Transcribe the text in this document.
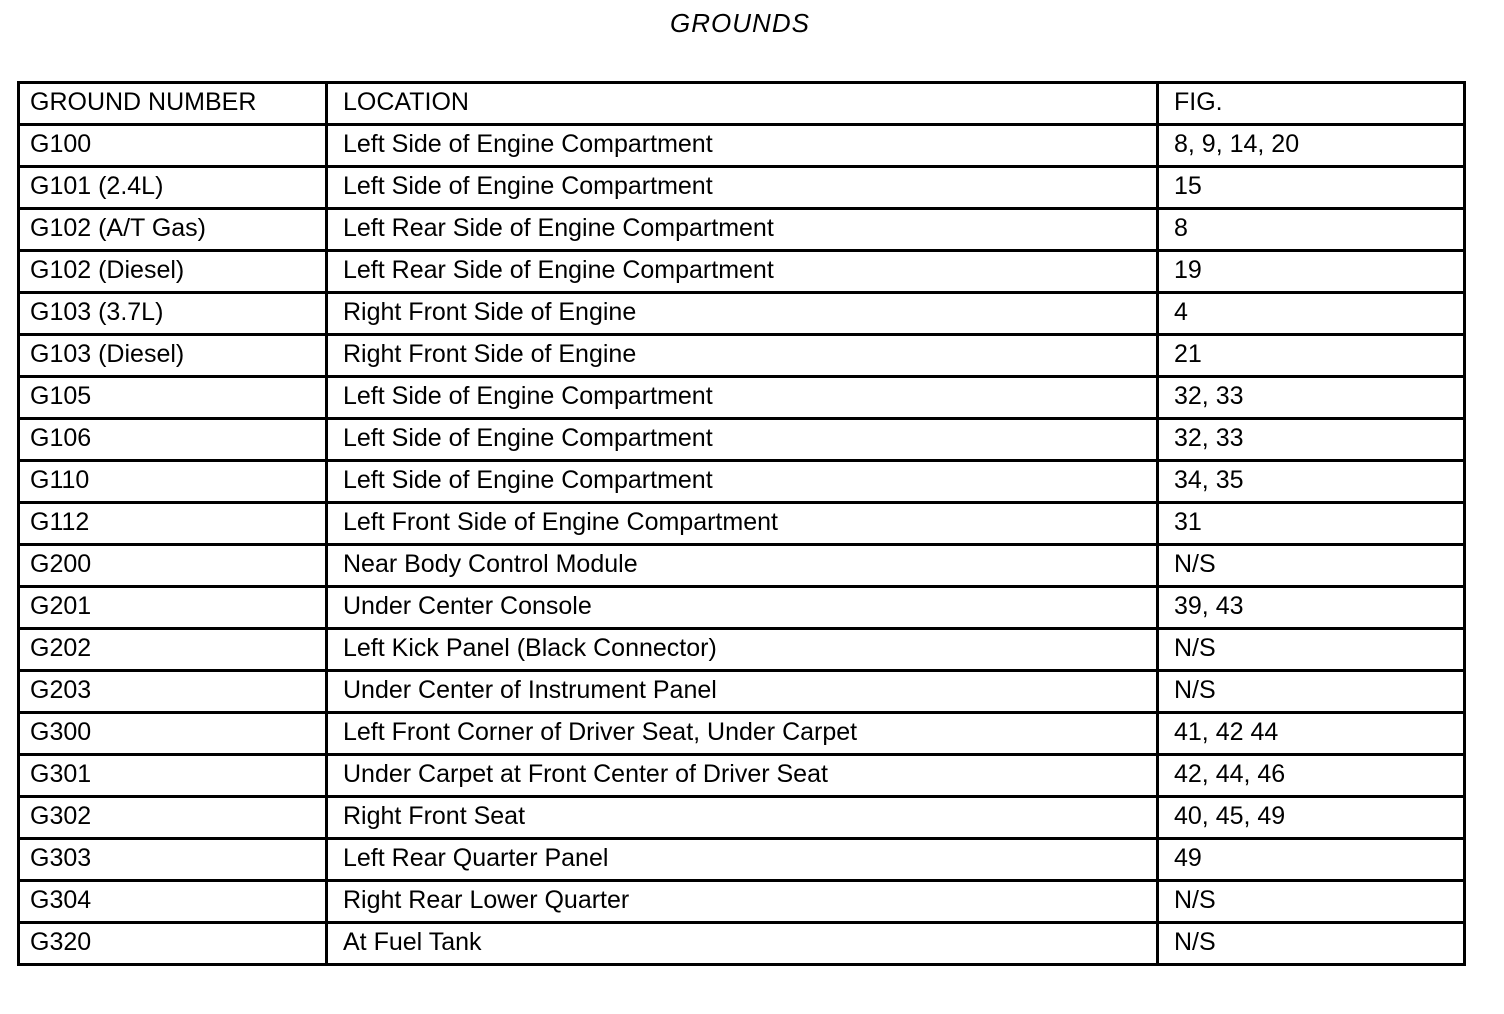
GROUNDS
GROUND NUMBER	LOCATION	FIG.
G100	Left Side of Engine Compartment	8, 9, 14, 20
G101 (2.4L)	Left Side of Engine Compartment	15
G102 (A/T Gas)	Left Rear Side of Engine Compartment	8
G102 (Diesel)	Left Rear Side of Engine Compartment	19
G103 (3.7L)	Right Front Side of Engine	4
G103 (Diesel)	Right Front Side of Engine	21
G105	Left Side of Engine Compartment	32, 33
G106	Left Side of Engine Compartment	32, 33
G110	Left Side of Engine Compartment	34, 35
G112	Left Front Side of Engine Compartment	31
G200	Near Body Control Module	N/S
G201	Under Center Console	39, 43
G202	Left Kick Panel (Black Connector)	N/S
G203	Under Center of Instrument Panel	N/S
G300	Left Front Corner of Driver Seat, Under Carpet	41, 42 44
G301	Under Carpet at Front Center of Driver Seat	42, 44, 46
G302	Right Front Seat	40, 45, 49
G303	Left Rear Quarter Panel	49
G304	Right Rear Lower Quarter	N/S
G320	At Fuel Tank	N/S
